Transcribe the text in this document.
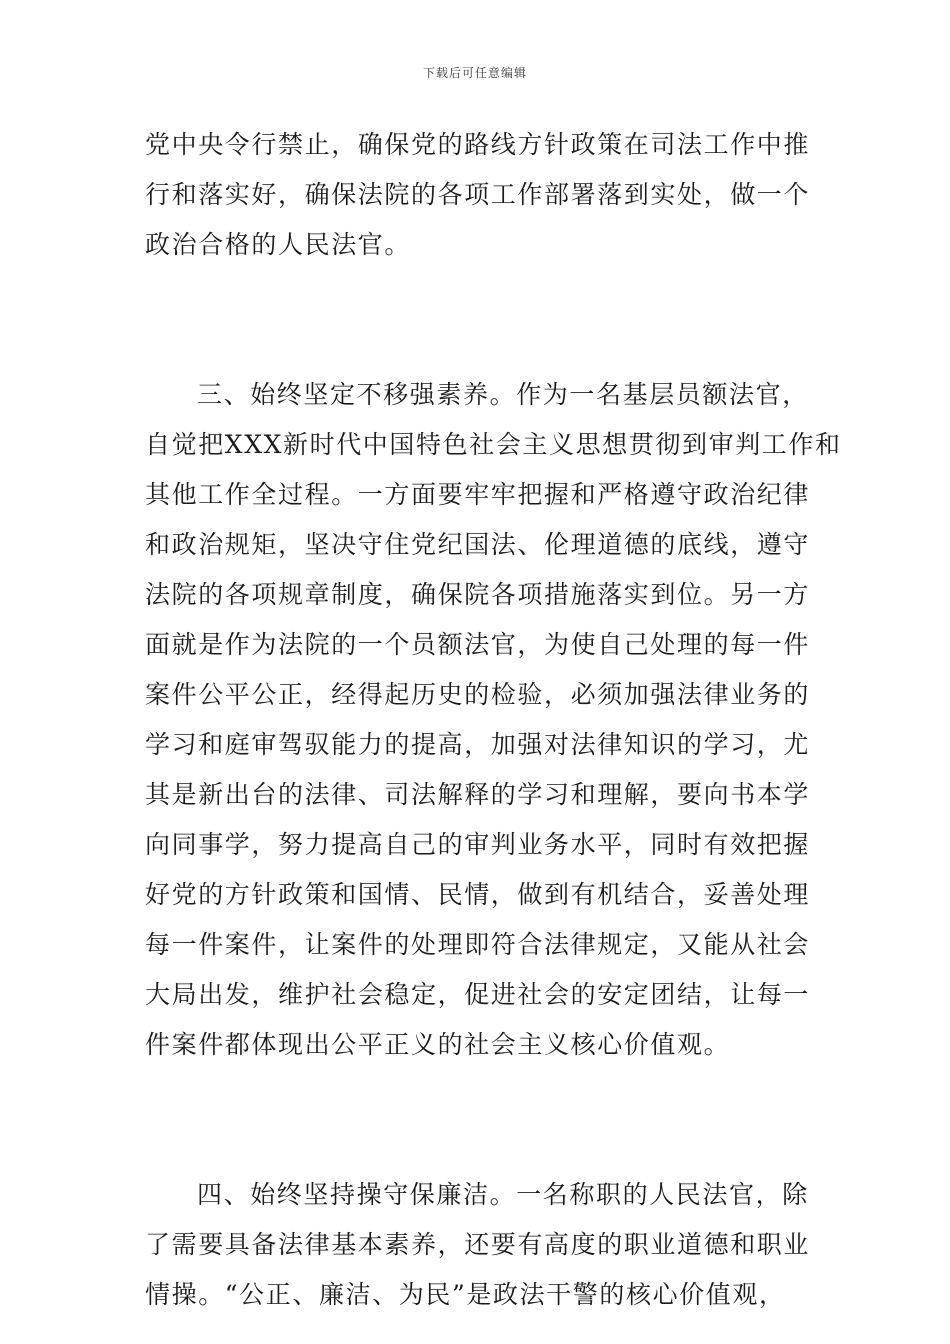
下载后可任意编辑
党中央令行禁止，确保党的路线方针政策在司法工作中推
行和落实好，确保法院的各项工作部署落到实处，做一个
政治合格的人民法官。
三、始终坚定不移强素养。作为一名基层员额法官，
自觉把XXX新时代中国特色社会主义思想贯彻到审判工作和
其他工作全过程。一方面要牢牢把握和严格遵守政治纪律
和政治规矩，坚决守住党纪国法、伦理道德的底线，遵守
法院的各项规章制度，确保院各项措施落实到位。另一方
面就是作为法院的一个员额法官，为使自己处理的每一件
案件公平公正，经得起历史的检验，必须加强法律业务的
学习和庭审驾驭能力的提高，加强对法律知识的学习，尤
其是新出台的法律、司法解释的学习和理解，要向书本学
向同事学，努力提高自己的审判业务水平，同时有效把握
好党的方针政策和国情、民情，做到有机结合，妥善处理
每一件案件，让案件的处理即符合法律规定，又能从社会
大局出发，维护社会稳定，促进社会的安定团结，让每一
件案件都体现出公平正义的社会主义核心价值观。
四、始终坚持操守保廉洁。一名称职的人民法官，除
了需要具备法律基本素养，还要有高度的职业道德和职业
情操。“公正、廉洁、为民”是政法干警的核心价值观，
